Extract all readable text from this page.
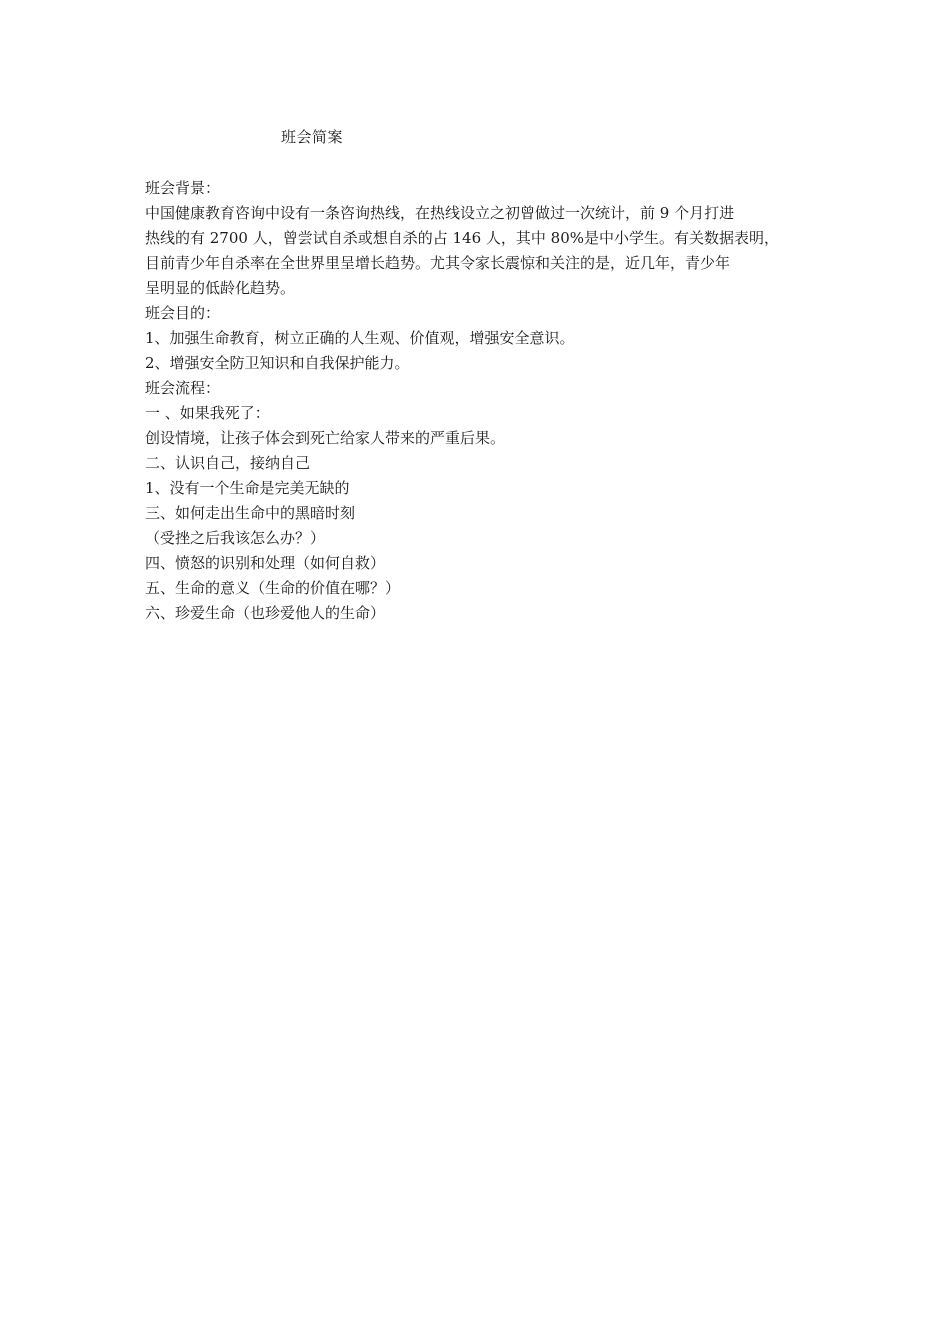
班会简案
班会背景：
中国健康教育咨询中设有一条咨询热线，在热线设立之初曾做过一次统计，前 9 个月打进
热线的有 2700 人，曾尝试自杀或想自杀的占 146 人，其中 80%是中小学生。有关数据表明，
目前青少年自杀率在全世界里呈增长趋势。尤其令家长震惊和关注的是，近几年，青少年
呈明显的低龄化趋势。
班会目的：
1、加强生命教育，树立正确的人生观、价值观，增强安全意识。
2、增强安全防卫知识和自我保护能力。
班会流程：
一 、如果我死了：
创设情境，让孩子体会到死亡给家人带来的严重后果。
二、认识自己，接纳自己
1、没有一个生命是完美无缺的
三、如何走出生命中的黑暗时刻
（受挫之后我该怎么办？）
四、愤怒的识别和处理（如何自救）
五、生命的意义（生命的价值在哪？）
六、珍爱生命（也珍爱他人的生命）
